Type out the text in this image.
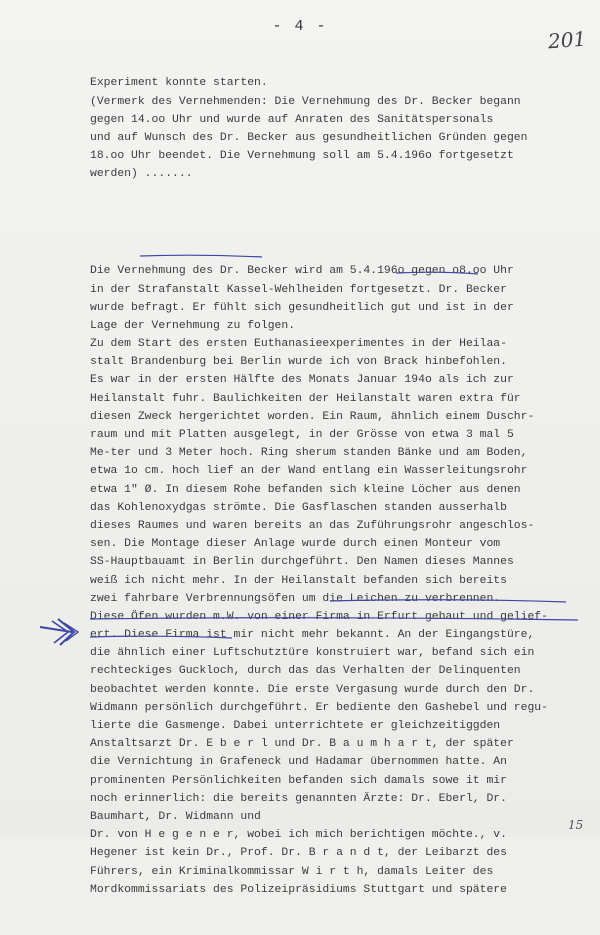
- 4 -
201

Experiment konnte starten.
(Vermerk des Vernehmenden: Die Vernehmung des Dr. Becker begann
gegen 14.oo Uhr und wurde auf Anraten des Sanitätspersonals
und auf Wunsch des Dr. Becker aus gesundheitlichen Gründen gegen
18.oo Uhr beendet. Die Vernehmung soll am 5.4.196o fortgesetzt
werden) .......

Die Vernehmung des Dr. Becker wird am 5.4.196o gegen o8.oo Uhr
in der Strafanstalt Kassel-Wehlheiden fortgesetzt. Dr. Becker
wurde befragt. Er fühlt sich gesundheitlich gut und ist in der
Lage der Vernehmung zu folgen.
Zu dem Start des ersten Euthanasieexperimentes in der Heilaa-
stalt Brandenburg bei Berlin wurde ich von Brack hinbefohlen.
Es war in der ersten Hälfte des Monats Januar 194o als ich zur
Heilanstalt fuhr. Baulichkeiten der Heilanstalt waren extra für
diesen Zweck hergerichtet worden. Ein Raum, ähnlich einem Duschr-
raum und mit Platten ausgelegt, in der Grösse von etwa 3 mal 5
Me-ter und 3 Meter hoch. Ring sherum standen Bänke und am Boden,
etwa 1o cm. hoch lief an der Wand entlang ein Wasserleitungsrohr
etwa 1" Ø. In diesem Rohe befanden sich kleine Löcher aus denen
das Kohlenoxydgas strömte. Die Gasflaschen standen ausserhalb
dieses Raumes und waren bereits an das Zuführungsrohr angeschlos-
sen. Die Montage dieser Anlage wurde durch einen Monteur vom
SS-Hauptbauamt in Berlin durchgeführt. Den Namen dieses Mannes
weiß ich nicht mehr. In der Heilanstalt befanden sich bereits
zwei fahrbare Verbrennungsöfen um die Leichen zu verbrennen.
Diese Öfen wurden m.W. von einer Firma in Erfurt gebaut und gelief-
ert. Diese Firma ist mir nicht mehr bekannt. An der Eingangstüre,
die ähnlich einer Luftschutztüre konstruiert war, befand sich ein
rechteckiges Guckloch, durch das das Verhalten der Delinquenten
beobachtet werden konnte. Die erste Vergasung wurde durch den Dr.
Widmann persönlich durchgeführt. Er bediente den Gashebel und regu-
lierte die Gasmenge. Dabei unterrichtete er gleichzeitiggden
Anstaltsarzt Dr. E b e r l und Dr. B a u m h a r t, der später
die Vernichtung in Grafeneck und Hadamar übernommen hatte. An
prominenten Persönlichkeiten befanden sich damals sowe it mir
noch erinnerlich: die bereits genannten Ärzte: Dr. Eberl, Dr.
Baumhart, Dr. Widmann und
Dr. von H e g e n e r, wobei ich mich berichtigen möchte., v.
Hegener ist kein Dr., Prof. Dr. B r a n d t, der Leibarzt des
Führers, ein Kriminalkommissar W i r t h, damals Leiter des
Mordkommissariats des Polizeipräsidiums Stuttgart und spätere

15
